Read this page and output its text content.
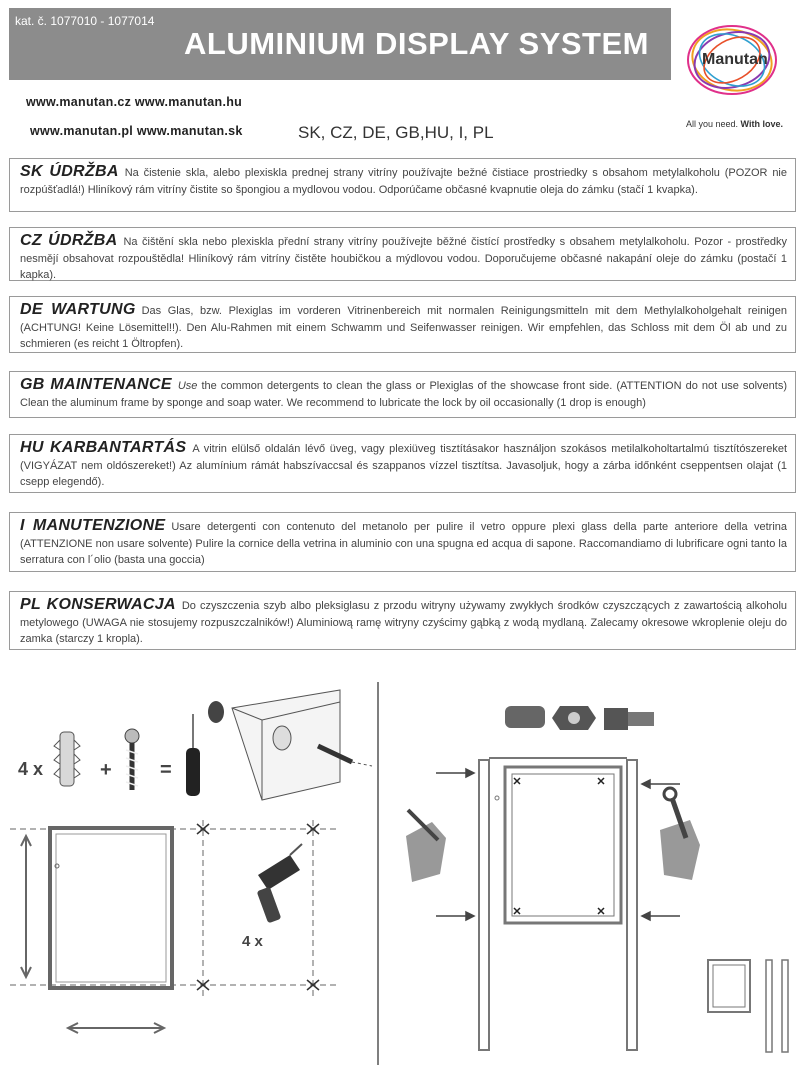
kat. č. 1077010 - 1077014
ALUMINIUM DISPLAY SYSTEM	Manutan
All you need. With love.
www.manutan.cz www.manutan.hu
www.manutan.pl www.manutan.sk	SK, CZ, DE, GB,HU, I, PL
SK ÚDRŽBA Na čistenie skla, alebo plexiskla prednej strany vitríny používajte bežné čistiace prostriedky s obsahom metylalkoholu (POZOR nie rozpúšťadlá!) Hliníkový rám vitríny čistite so špongiou a mydlovou vodou. Odporúčame občasné kvapnutie oleja do zámku (stačí 1 kvapka).
CZ ÚDRŽBA Na čištění skla nebo plexiskla přední strany vitríny používejte běžné čistící prostředky s obsahem metylalkoholu. Pozor - prostředky nesmějí obsahovat rozpouštědla! Hliníkový rám vitríny čistěte houbičkou a mýdlovou vodou. Doporučujeme občasné nakapání oleje do zámku (postačí 1 kapka).
DE WARTUNG Das Glas, bzw. Plexiglas im vorderen Vitrinenbereich mit normalen Reinigungsmitteln mit dem Methylalkoholgehalt reinigen (ACHTUNG! Keine Lösemittel!!). Den Alu-Rahmen mit einem Schwamm und Seifenwasser reinigen. Wir empfehlen, das Schloss mit dem Öl ab und zu schmieren (es reicht 1 Öltropfen).
GB MAINTENANCE Use the common detergents to clean the glass or Plexiglas of the showcase front side. (ATTENTION do not use solvents) Clean the aluminum frame by sponge and soap water. We recommend to lubricate the lock by oil occasionally (1 drop is enough)
HU KARBANTARTÁS A vitrin elülső oldalán lévő üveg, vagy plexiüveg tisztításakor használjon szokásos metilalkoholtartalmú tisztítószereket (VIGYÁZAT nem oldószereket!) Az alumínium rámát habszívaccsal és szappanos vízzel tisztítsa. Javasoljuk, hogy a zárba időnként cseppentsen olajat (1 csepp elegendő).
I MANUTENZIONE Usare detergenti con contenuto del metanolo per pulire il vetro oppure plexi glass della parte anteriore della vetrina (ATTENZIONE non usare solvente) Pulire la cornice della vetrina in aluminio con una spugna ed acqua di sapone. Raccomandiamo di lubrificare ogni tanto la serratura con l´olio (basta una goccia)
PL KONSERWACJA Do czyszczenia szyb albo pleksiglasu z przodu witryny używamy zwykłych środków czyszczących z zawartością alkoholu metylowego (UWAGA nie stosujemy rozpuszczalników!) Aluminiową ramę witryny czyścimy gąbką z wodą mydlaną. Zalecamy okresowe wkroplenie oleju do zamka (starczy 1 kropla).
4 x	+ =
4 x
